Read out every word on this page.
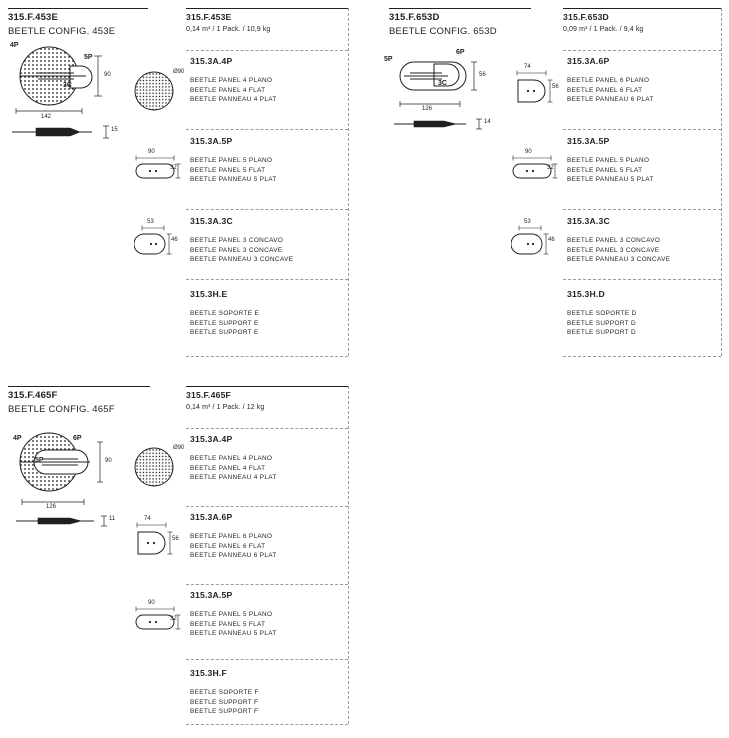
315.F.453E
BEETLE CONFIG. 453E
4P
5P
3C
90
142
15
315.F.453E
0,14 m³ / 1 Pack. / 10,9 kg
315.3A.4P
BEETLE PANEL 4 PLANO
BEETLE PANEL 4 FLAT
BEETLE PANNEAU 4 PLAT
Ø90
315.3A.5P
BEETLE PANEL 5 PLANO
BEETLE PANEL 5 FLAT
BEETLE PANNEAU 5 PLAT
90
32
315.3A.3C
BEETLE PANEL 3 CONCAVO
BEETLE PANEL 3 CONCAVE
BEETLE PANNEAU 3 CONCAVE
53
46
315.3H.E
BEETLE SOPORTE E
BEETLE SUPPORT E
BEETLE SUPPORT E
315.F.653D
BEETLE CONFIG. 653D
5P
6P
3C
56
126
14
315.F.653D
0,09 m³ / 1 Pack. / 9,4 kg
315.3A.6P
BEETLE PANEL 6 PLANO
BEETLE PANEL 6 FLAT
BEETLE PANNEAU 6 PLAT
74
56
315.3A.5P
BEETLE PANEL 5 PLANO
BEETLE PANEL 5 FLAT
BEETLE PANNEAU 5 PLAT
90
32
315.3A.3C
BEETLE PANEL 3 CONCAVO
BEETLE PANEL 3 CONCAVE
BEETLE PANNEAU 3 CONCAVE
53
46
315.3H.D
BEETLE SOPORTE D
BEETLE SUPPORT D
BEETLE SUPPORT D
315.F.465F
BEETLE CONFIG. 465F
4P	6P
5P	90
126
11
315.F.465F
0,14 m³ / 1 Pack. / 12 kg
315.3A.4P
BEETLE PANEL 4 PLANO
BEETLE PANEL 4 FLAT
BEETLE PANNEAU 4 PLAT
Ø90
315.3A.6P
BEETLE PANEL 6 PLANO
BEETLE PANEL 6 FLAT
BEETLE PANNEAU 6 PLAT
74
56
315.3A.5P
BEETLE PANEL 5 PLANO
BEETLE PANEL 5 FLAT
BEETLE PANNEAU 5 PLAT
90
32
315.3H.F
BEETLE SOPORTE F
BEETLE SUPPORT F
BEETLE SUPPORT F
